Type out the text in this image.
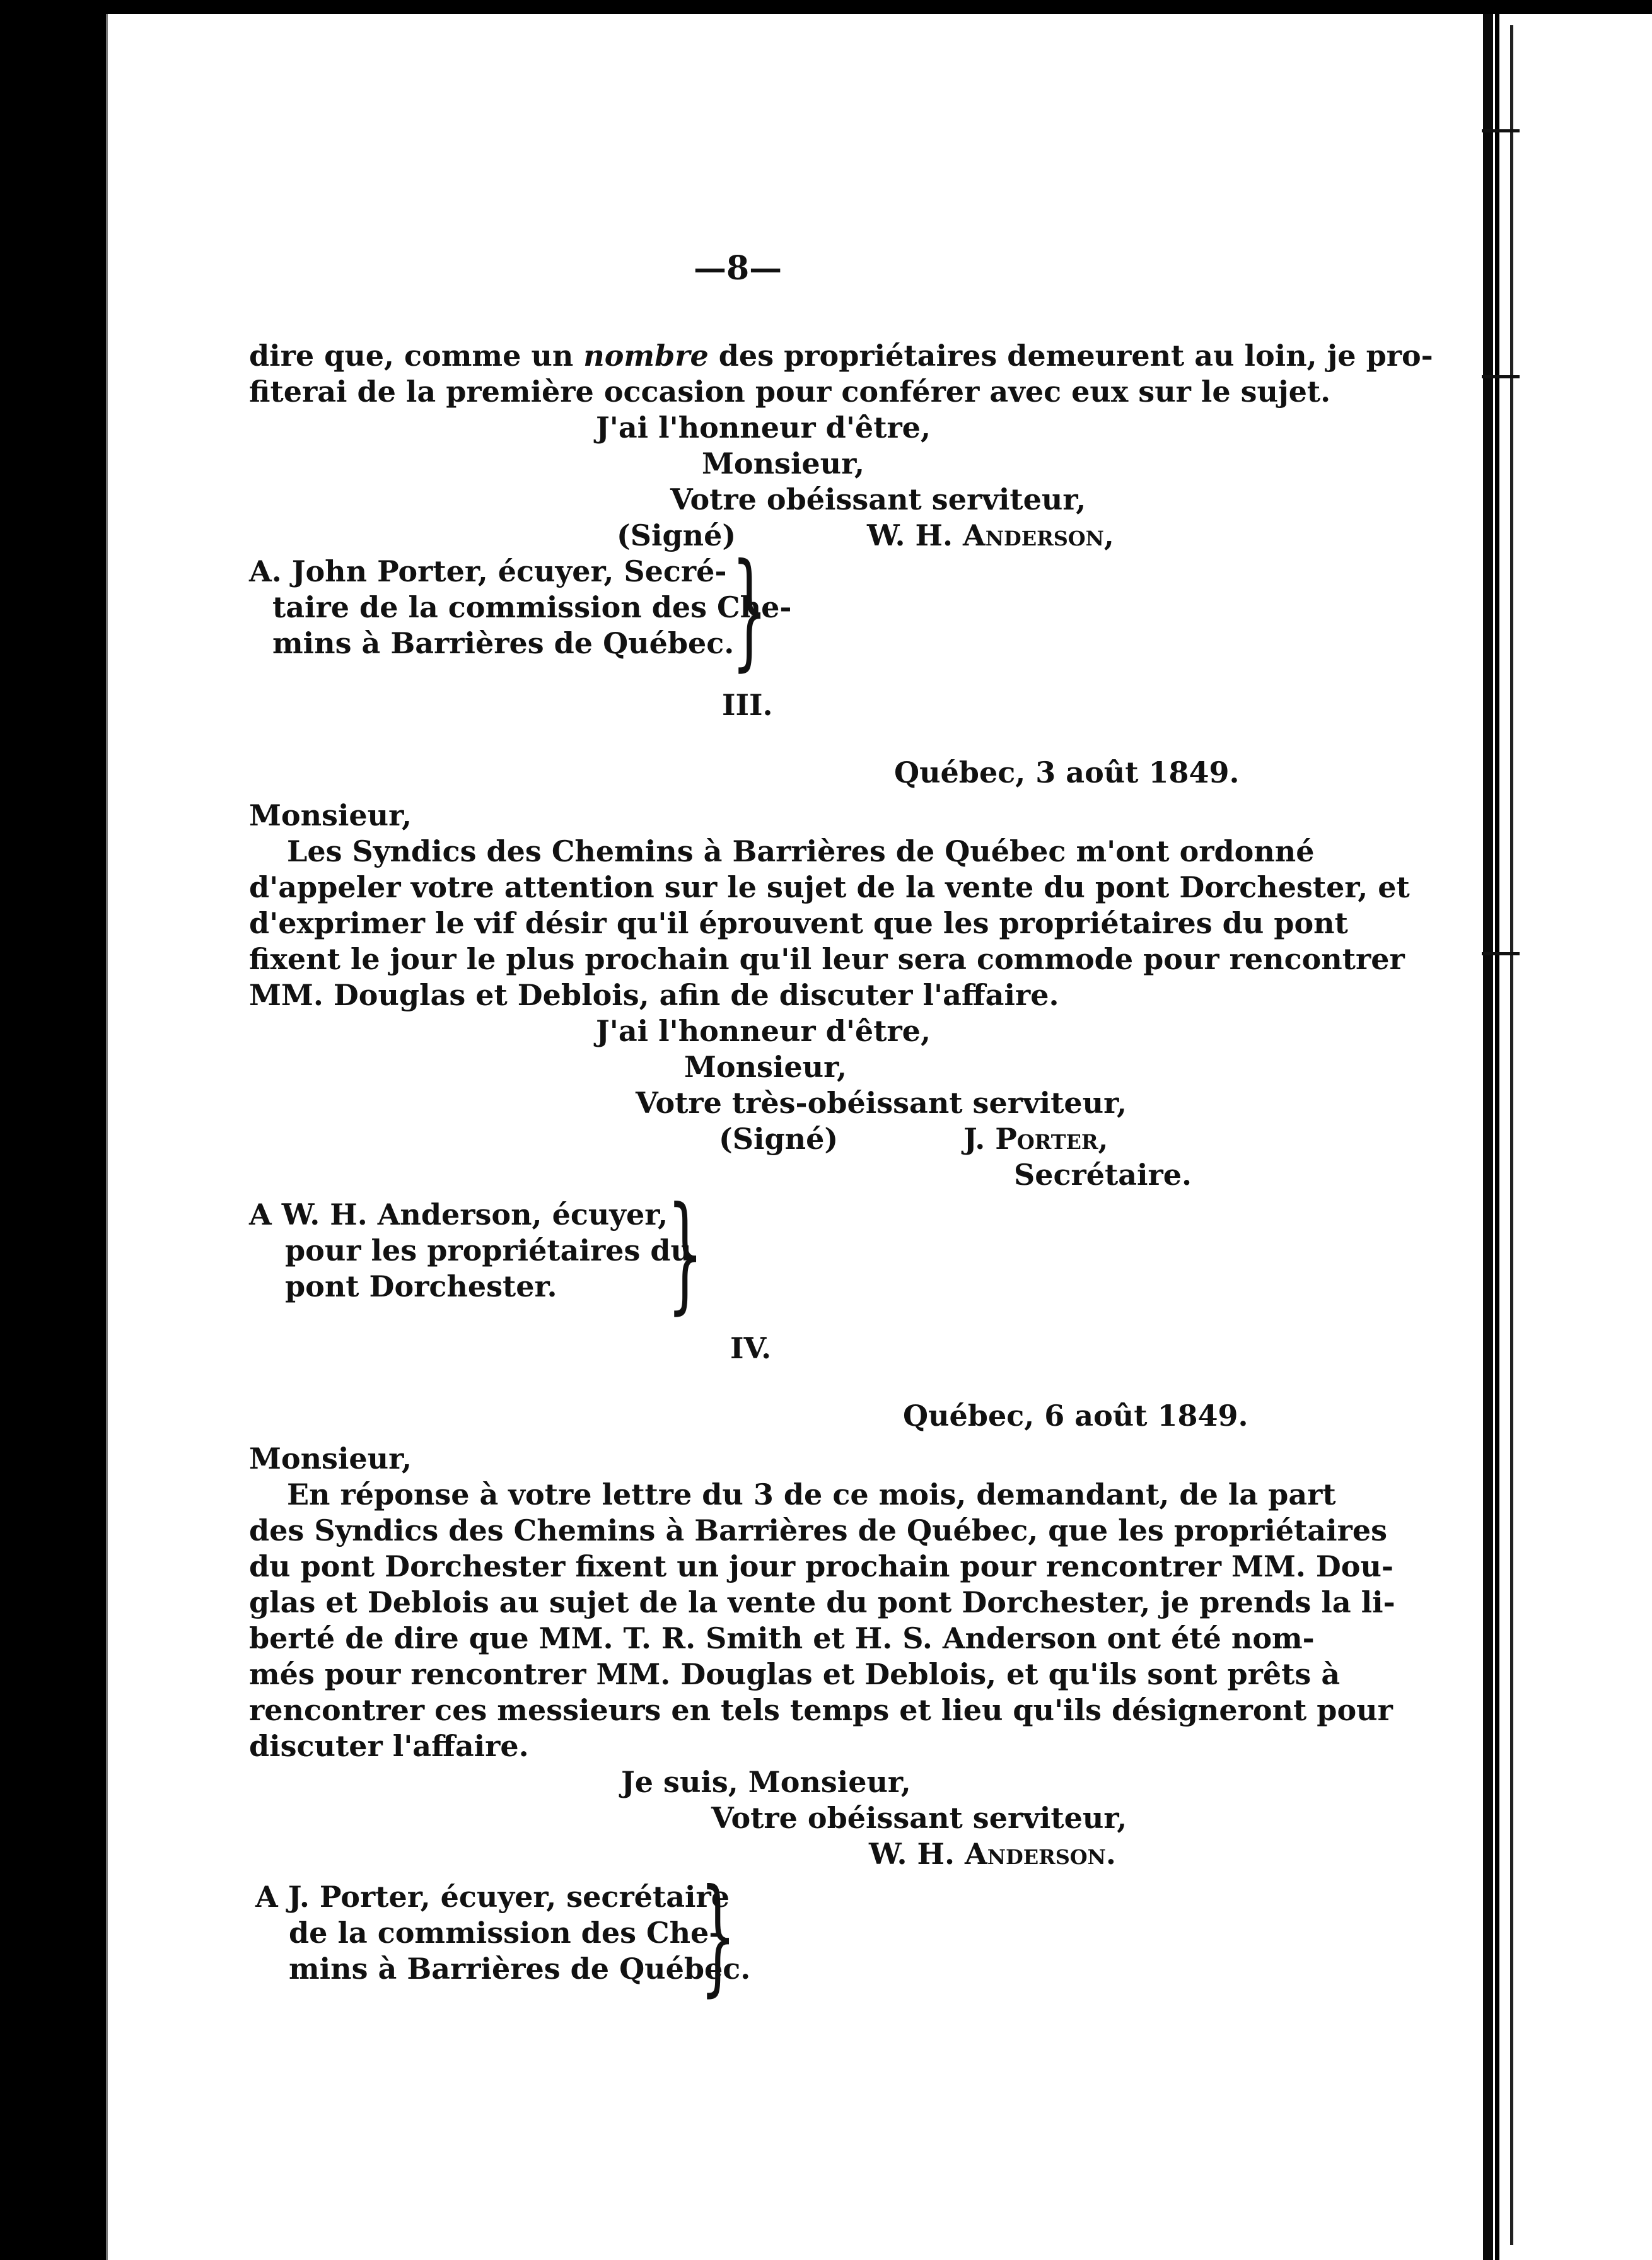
—8—
dire que, comme un nombre des propriétaires demeurent au loin, je pro-
fiterai de la première occasion pour conférer avec eux sur le sujet.
J'ai l'honneur d'être,
Monsieur,
Votre obéissant serviteur,
(Signé)	W. H. Anderson,
A. John Porter, écuyer, Secré-
taire de la commission des Che-
mins à Barrières de Québec.
}
III.
Québec, 3 août 1849.
Monsieur,
Les Syndics des Chemins à Barrières de Québec m'ont ordonné
d'appeler votre attention sur le sujet de la vente du pont Dorchester, et
d'exprimer le vif désir qu'il éprouvent que les propriétaires du pont
fixent le jour le plus prochain qu'il leur sera commode pour rencontrer
MM. Douglas et Deblois, afin de discuter l'affaire.
J'ai l'honneur d'être,
Monsieur,
Votre très-obéissant serviteur,
(Signé)	J. Porter,
Secrétaire.
A W. H. Anderson, écuyer,
pour les propriétaires du
pont Dorchester. }
IV.
Québec, 6 août 1849.
Monsieur,
En réponse à votre lettre du 3 de ce mois, demandant, de la part
des Syndics des Chemins à Barrières de Québec, que les propriétaires
du pont Dorchester fixent un jour prochain pour rencontrer MM. Dou-
glas et Deblois au sujet de la vente du pont Dorchester, je prends la li-
berté de dire que MM. T. R. Smith et H. S. Anderson ont été nom-
més pour rencontrer MM. Douglas et Deblois, et qu'ils sont prêts à
rencontrer ces messieurs en tels temps et lieu qu'ils désigneront pour
discuter l'affaire.
Je suis, Monsieur,
Votre obéissant serviteur,
W. H. Anderson.
A J. Porter, écuyer, secrétaire
de la commission des Che-
mins à Barrières de Québec.
}
